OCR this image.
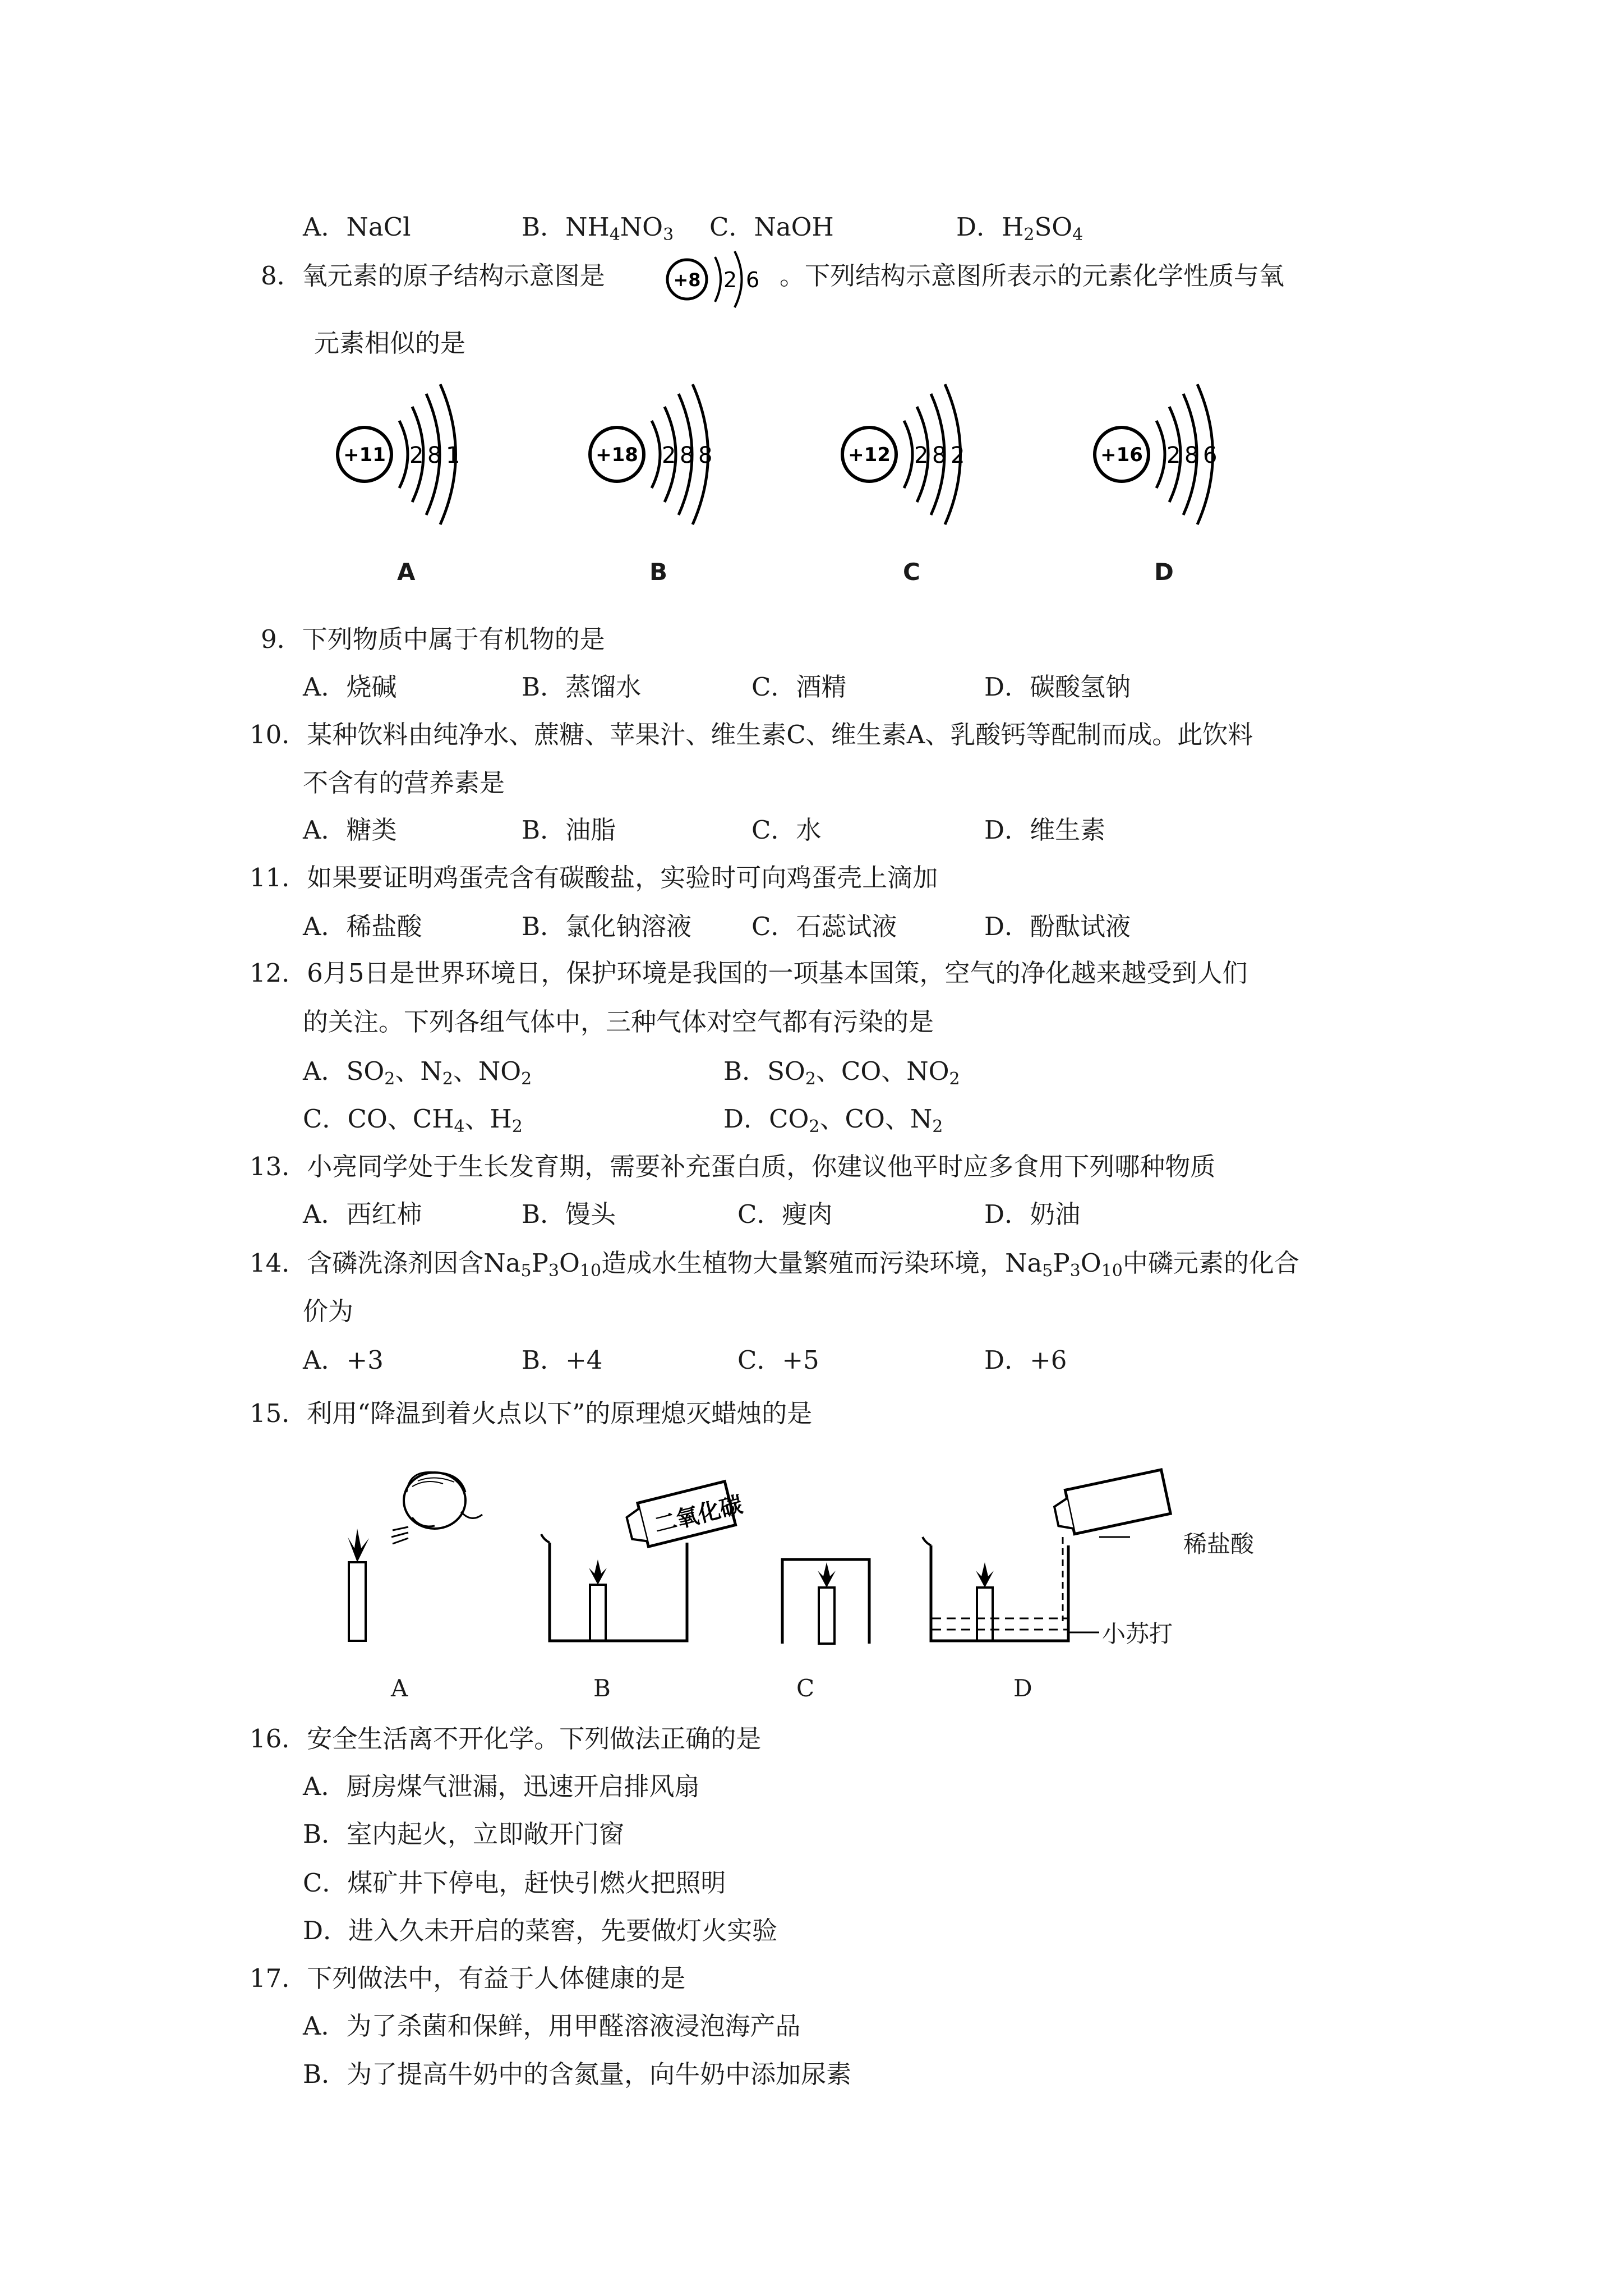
A．NaCl	B．$NH_4NO_3$ C．NaOH	D．$H_2SO_4$
8．氧元素的原子结构示意图是	+8 2 6 。下列结构示意图所表示的元素化学性质与氧
元素相似的是
+11 2 8 1
A
+18 2 8 8
B
+12 2 8 2
C
+16 2 8 6
D
9．下列物质中属于有机物的是
A．烧碱	B．蒸馏水	C．酒精	D．碳酸氢钠
10．某种饮料由纯净水、蔗糖、苹果汁、维生素C、维生素A、乳酸钙等配制而成。此饮料
不含有的营养素是
A．糖类	B．油脂	C．水	D．维生素
11．如果要证明鸡蛋壳含有碳酸盐，实验时可向鸡蛋壳上滴加
A．稀盐酸	B．氯化钠溶液 C．石蕊试液	D．酚酞试液
12．6月5日是世界环境日，保护环境是我国的一项基本国策，空气的净化越来越受到人们
的关注。下列各组气体中，三种气体对空气都有污染的是
A．$SO_2$、$N_2$、$NO_2$	B．$SO_2$、CO、$NO_2$
C．CO、$CH_4$、$H_2$	D．$CO_2$、CO、$N_2$
13．小亮同学处于生长发育期，需要补充蛋白质，你建议他平时应多食用下列哪种物质
A．西红柿	B．馒头	C．瘦肉	D．奶油
14．含磷洗涤剂因含$Na_5P_3O_{10}$造成水生植物大量繁殖而污染环境，$Na_5P_3O_{10}$中磷元素的化合
价为
A．+3	B．+4	C．+5	D．+6
15．利用“降温到着火点以下”的原理熄灭蜡烛的是
二氧化碳
稀盐酸
小苏打
A	B	C	D
16．安全生活离不开化学。下列做法正确的是
A．厨房煤气泄漏，迅速开启排风扇
B．室内起火，立即敞开门窗
C．煤矿井下停电，赶快引燃火把照明
D．进入久未开启的菜窖，先要做灯火实验
17．下列做法中，有益于人体健康的是
A．为了杀菌和保鲜，用甲醛溶液浸泡海产品
B．为了提高牛奶中的含氮量，向牛奶中添加尿素
